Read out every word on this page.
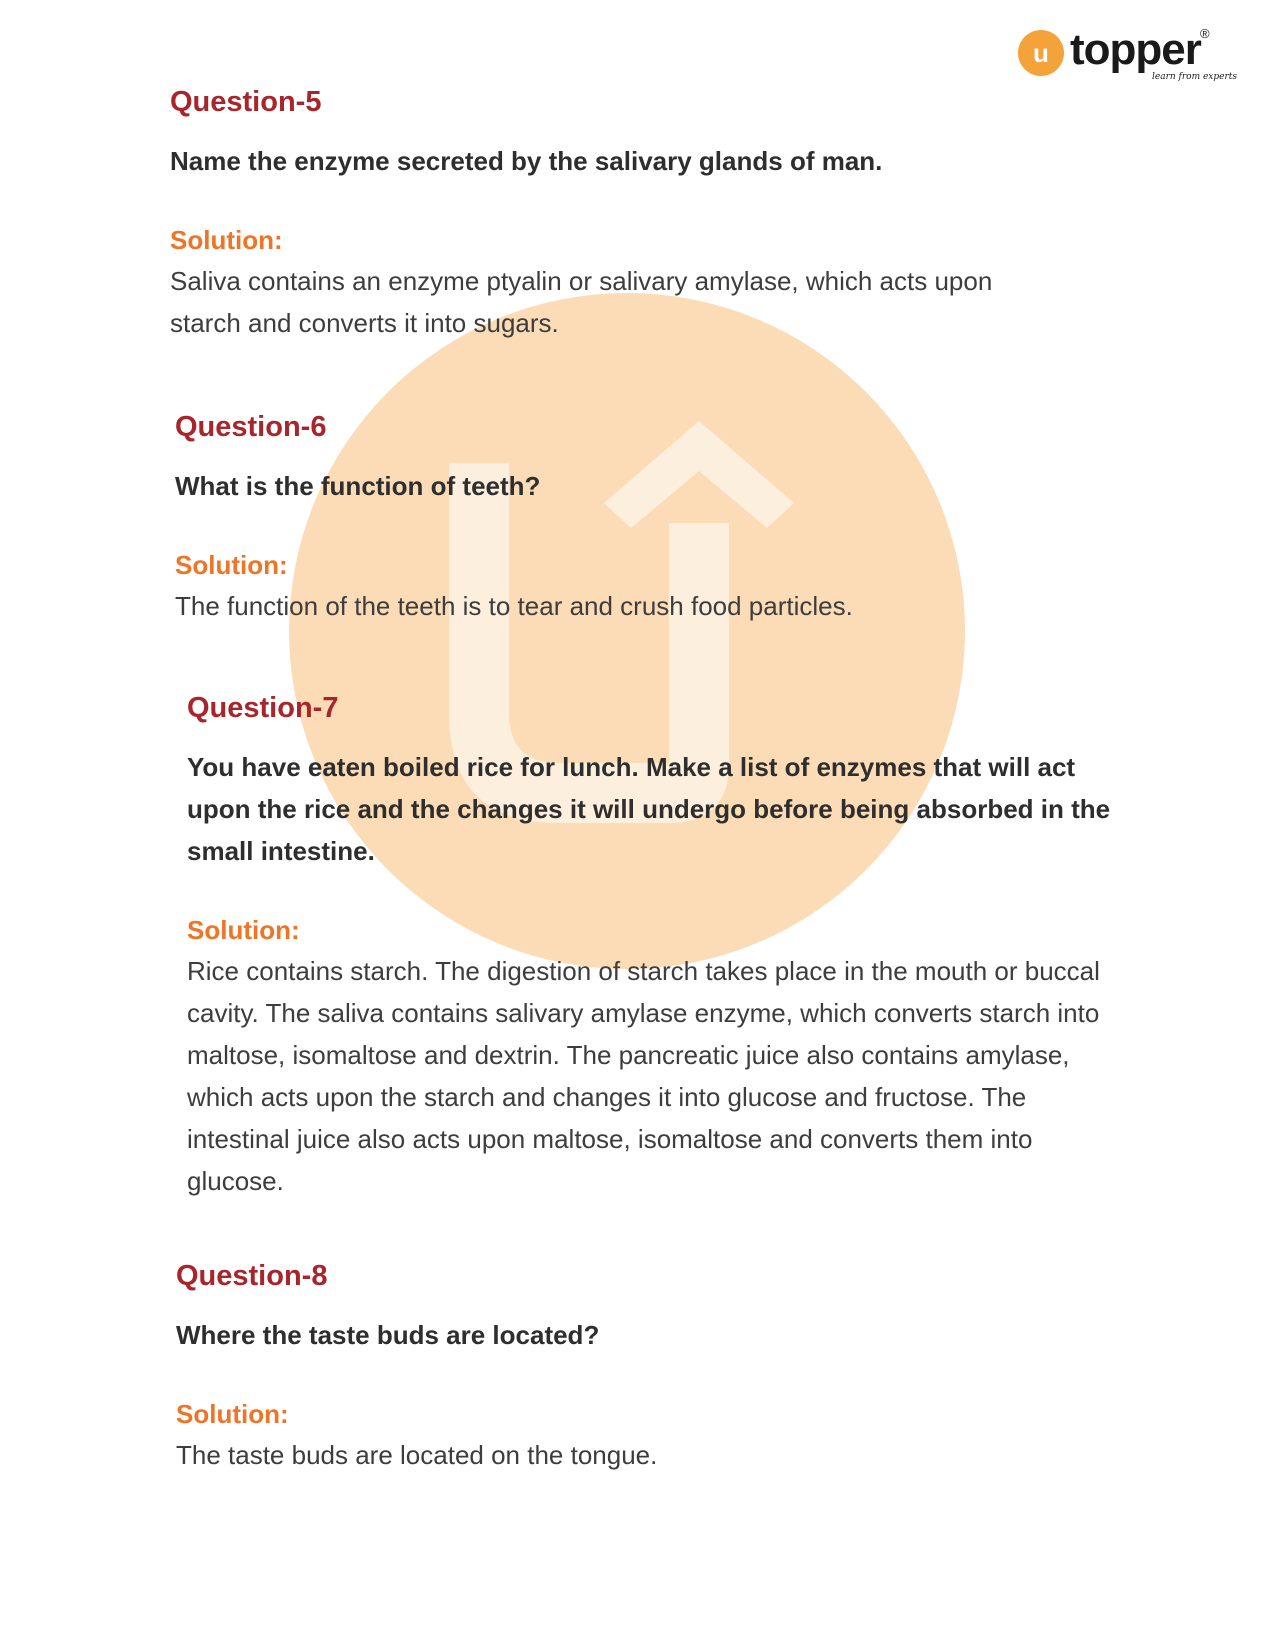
u topper ®
learn from experts
Question-5
Name the enzyme secreted by the salivary glands of man.
Solution:
Saliva contains an enzyme ptyalin or salivary amylase, which acts upon starch and converts it into sugars.
Question-6
What is the function of teeth?
Solution:
The function of the teeth is to tear and crush food particles.
Question-7
You have eaten boiled rice for lunch. Make a list of enzymes that will act upon the rice and the changes it will undergo before being absorbed in the small intestine.
Solution:
Rice contains starch. The digestion of starch takes place in the mouth or buccal cavity. The saliva contains salivary amylase enzyme, which converts starch into maltose, isomaltose and dextrin. The pancreatic juice also contains amylase, which acts upon the starch and changes it into glucose and fructose. The intestinal juice also acts upon maltose, isomaltose and converts them into glucose.
Question-8
Where the taste buds are located?
Solution:
The taste buds are located on the tongue.
